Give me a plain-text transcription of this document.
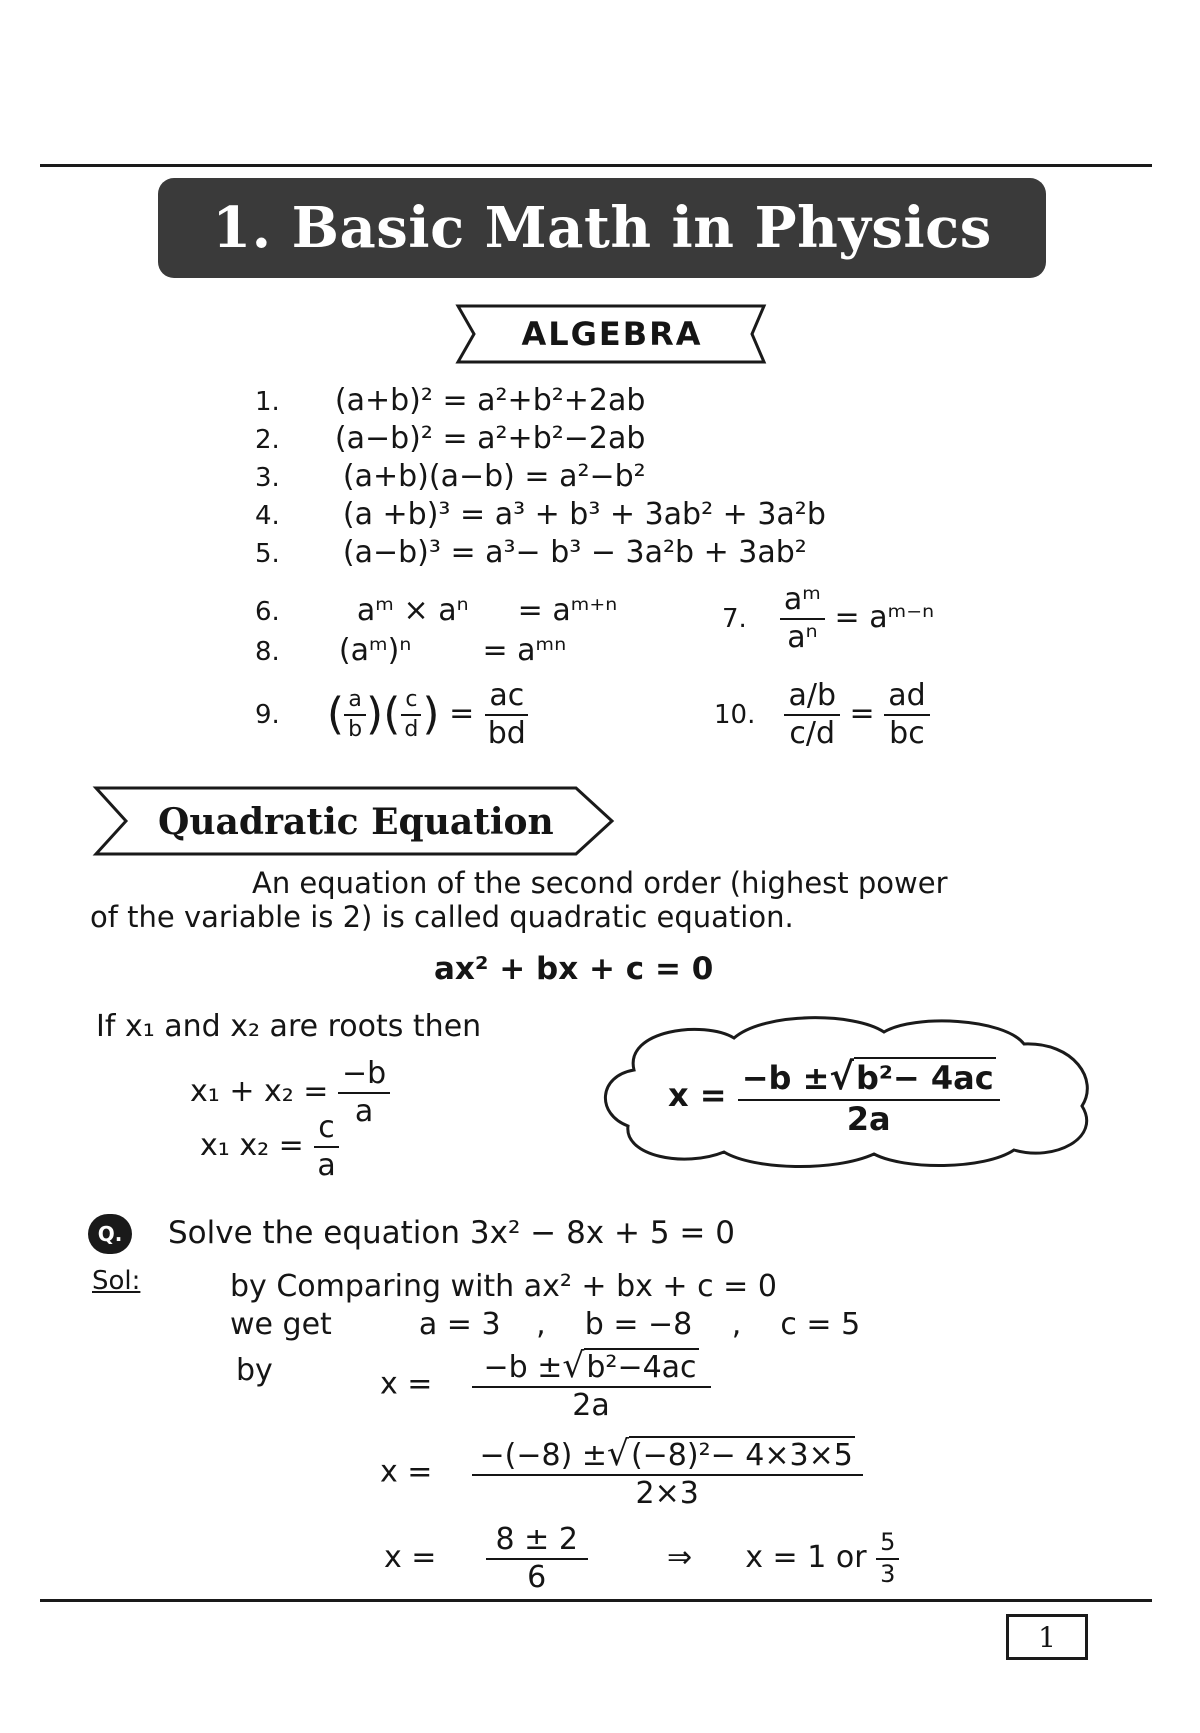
1. Basic Math in Physics
ALGEBRA
1. (a+b)² = a²+b²+2ab
2. (a−b)² = a²+b²−2ab
3. (a+b)(a−b) = a²−b²
4. (a +b)³ = a³ + b³ + 3ab² + 3a²b
5. (a−b)³ = a³− b³ − 3a²b + 3ab²
6.	aᵐ × aⁿ = aᵐ⁺ⁿ	7. $\frac{\text{aᵐ}}{\text{aⁿ}}$ = aᵐ⁻ⁿ
8. (aᵐ)ⁿ = aᵐⁿ
9. ( $\frac{a}{b}$ )( $\frac{c}{d}$ ) = $\frac{ac}{bd}$	10. $\frac{a/b}{c/d} = \frac{ad}{bc}$
Quadratic Equation
An equation of the second order (highest power
of the variable is 2) is called quadratic equation.
ax² + bx + c = 0
If x₁ and x₂ are roots then
$x_1 + x_2 = \frac{-b}{a}$
x₁ $x_2 = \frac{c}{a}$
$x = \frac{\text{−b ±√b²− 4ac}}{2a}$
Q.	Solve the equation 3x² − 8x + 5 = 0
Sol:	by Comparing with ax² + bx + c = 0
we get	a = 3 ,  b = −8 ,  c = 5
by	$x = \frac{\text{−b ±√b²−4ac}}{2a}$
$x = \frac{\text{−(−8) ±√(−8)²− 4×3×5}}{2\times 3}$
$x = \frac{8 \pm 2}{6}$	⇒ x = 1 or $\frac{5}{3}$
1
